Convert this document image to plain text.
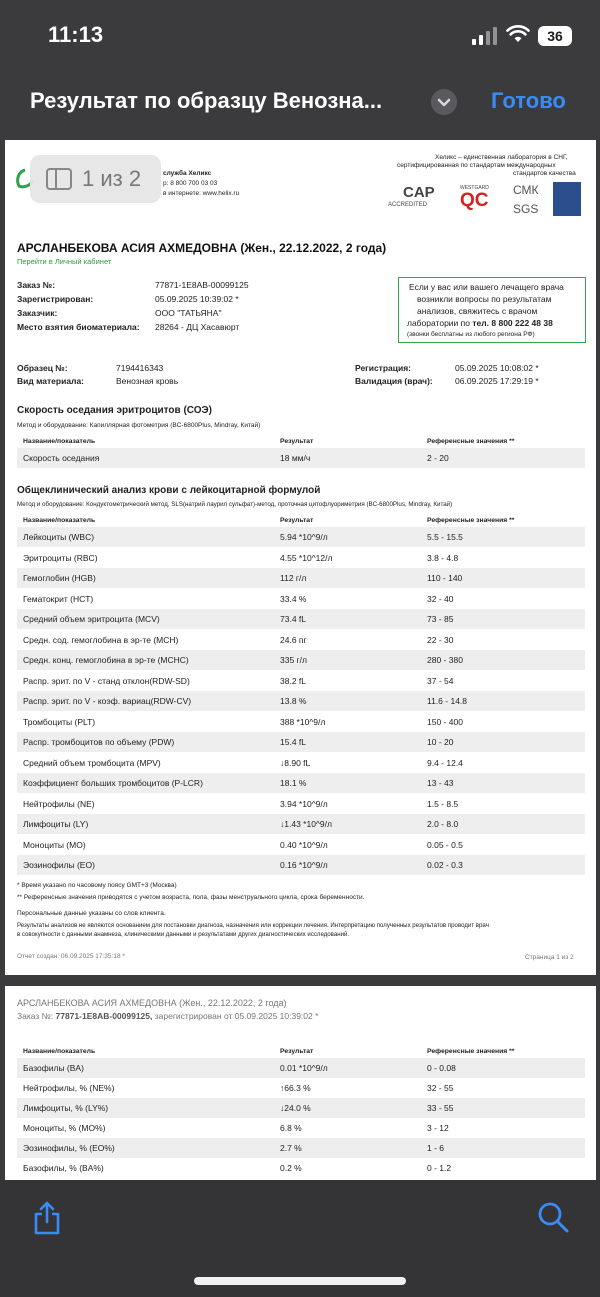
11:13	36
Результат по образцу Венозна...	Готово
служба Хеликс
р: 8 800 700 03 03
в интернете: www.helix.ru
Хеликс – единственная лаборатория в СНГ,
сертифицированная по стандартам международных
стандартов качества
CAP
ACCREDITED
WESTGARD
QC СМК
SGS
АРСЛАНБЕКОВА АСИЯ АХМЕДОВНА (Жен., 22.12.2022, 2 года)
Перейти в Личный кабинет
Заказ №:	77871-1E8AB-00099125
Зарегистрирован:	05.09.2025 10:39:02 *
Заказчик:	ООО "ТАТЬЯНА"
Место взятия биоматериала: 28264 - ДЦ Хасавюрт
Если у вас или вашего лечащего врача
возникли вопросы по результатам
анализов, свяжитесь с врачом
лаборатории по тел. 8 800 222 48 38
(звонки бесплатны из любого региона РФ)
Образец №:	7194416343
Вид материала:	Венозная кровь
Регистрация:	05.09.2025 10:08:02 *
Валидация (врач):	06.09.2025 17:29:19 *
Скорость оседания эритроцитов (СОЭ)
Метод и оборудование: Капиллярная фотометрия (BC-6800Plus, Mindray, Китай)
Название/показатель	Результат	Референсные значения **
Скорость оседания	18 мм/ч	2 - 20
Общеклинический анализ крови с лейкоцитарной формулой
Метод и оборудование: Кондуктометрический метод, SLS(натрий лаурил сульфат)-метод, проточная цитофлуориметрия (BC-6800Plus, Mindray, Китай)
Название/показатель	Результат	Референсные значения **
Лейкоциты (WBC)	5.94 *10^9/л	5.5 - 15.5
Эритроциты (RBC)	4.55 *10^12/л	3.8 - 4.8
Гемоглобин (HGB)	112 г/л	110 - 140
Гематокрит (HCT)	33.4 %	32 - 40
Средний объем эритроцита (MCV)	73.4 fL	73 - 85
Средн. сод. гемоглобина в эр-те (MCH)	24.6 пг	22 - 30
Средн. конц. гемоглобина в эр-те (MCHC)	335 г/л	280 - 380
Распр. эрит. по V - станд отклон(RDW-SD)	38.2 fL	37 - 54
Распр. эрит. по V - коэф. вариац(RDW-CV)	13.8 %	11.6 - 14.8
Тромбоциты (PLT)	388 *10^9/л	150 - 400
Распр. тромбоцитов по объему (PDW)	15.4 fL	10 - 20
Средний объем тромбоцита (MPV)	↓8.90 fL	9.4 - 12.4
Коэффициент больших тромбоцитов (P-LCR)	18.1 %	13 - 43
Нейтрофилы (NE)	3.94 *10^9/л	1.5 - 8.5
Лимфоциты (LY)	↓1.43 *10^9/л	2.0 - 8.0
Моноциты (MO)	0.40 *10^9/л	0.05 - 0.5
Эозинофилы (EO)	0.16 *10^9/л	0.02 - 0.3
* Время указано по часовому поясу GMT+3 (Москва)
** Референсные значения приводятся с учетом возраста, пола, фазы менструального цикла, срока беременности.
Персональные данные указаны со слов клиента.
Результаты анализов не являются основанием для постановки диагноза, назначения или коррекции лечения. Интерпретацию полученных результатов проводит врач
в совокупности с данными анамнеза, клиническими данными и результатами других диагностических исследований.
Отчет создан: 06.09.2025 17:35:18 *	Страница 1 из 2
1 из 2
АРСЛАНБЕКОВА АСИЯ АХМЕДОВНА (Жен., 22.12.2022, 2 года)
Заказ №: 77871-1E8AB-00099125, зарегистрирован от 05.09.2025 10:39:02 *
Название/показатель	Результат	Референсные значения **
Базофилы (BA)	0.01 *10^9/л	0 - 0.08
Нейтрофилы, % (NE%)	↑66.3 %	32 - 55
Лимфоциты, % (LY%)	↓24.0 %	33 - 55
Моноциты, % (MO%)	6.8 %	3 - 12
Эозинофилы, % (EO%)	2.7 %	1 - 6
Базофилы, % (BA%)	0.2 %	0 - 1.2
